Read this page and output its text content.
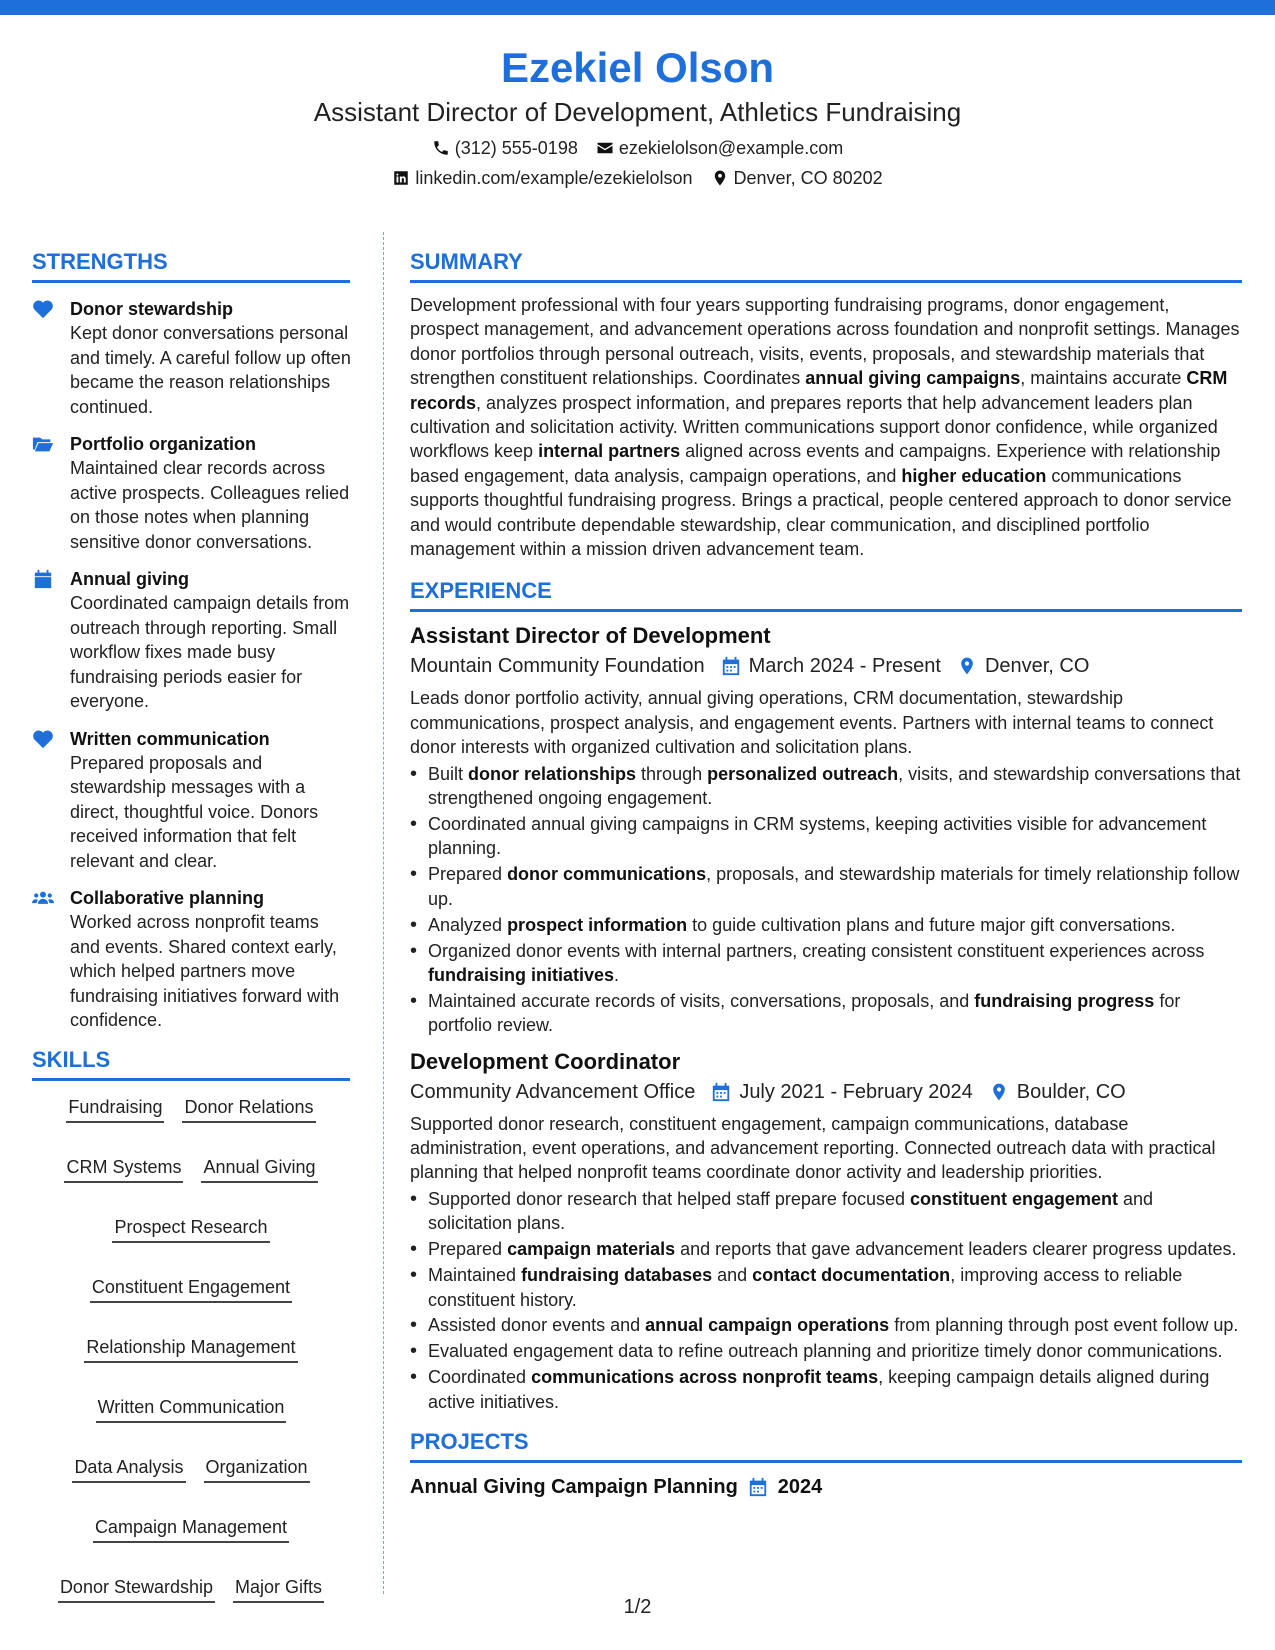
Ezekiel Olson
Assistant Director of Development, Athletics Fundraising
(312) 555-0198 ezekielolson@example.com
linkedin.com/example/ezekielolson Denver, CO 80202
STRENGTHS
Donor stewardship
Kept donor conversations personal and timely. A careful follow up often became the reason relationships continued.
Portfolio organization
Maintained clear records across active prospects. Colleagues relied on those notes when planning sensitive donor conversations.
Annual giving
Coordinated campaign details from outreach through reporting. Small workflow fixes made busy fundraising periods easier for everyone.
Written communication
Prepared proposals and stewardship messages with a direct, thoughtful voice. Donors received information that felt relevant and clear.
Collaborative planning
Worked across nonprofit teams and events. Shared context early, which helped partners move fundraising initiatives forward with confidence.
SKILLS
Fundraising Donor Relations
CRM Systems Annual Giving
Prospect Research
Constituent Engagement
Relationship Management
Written Communication
Data Analysis Organization
Campaign Management
Donor Stewardship Major Gifts
SUMMARY
Development professional with four years supporting fundraising programs, donor engagement, prospect management, and advancement operations across foundation and nonprofit settings. Manages donor portfolios through personal outreach, visits, events, proposals, and stewardship materials that strengthen constituent relationships. Coordinates annual giving campaigns, maintains accurate CRM records, analyzes prospect information, and prepares reports that help advancement leaders plan cultivation and solicitation activity. Written communications support donor confidence, while organized workflows keep internal partners aligned across events and campaigns. Experience with relationship based engagement, data analysis, campaign operations, and higher education communications supports thoughtful fundraising progress. Brings a practical, people centered approach to donor service and would contribute dependable stewardship, clear communication, and disciplined portfolio management within a mission driven advancement team.
EXPERIENCE
Assistant Director of Development
Mountain Community Foundation March 2024 - Present Denver, CO
Leads donor portfolio activity, annual giving operations, CRM documentation, stewardship communications, prospect analysis, and engagement events. Partners with internal teams to connect donor interests with organized cultivation and solicitation plans.
• Built donor relationships through personalized outreach, visits, and stewardship conversations that strengthened ongoing engagement.
• Coordinated annual giving campaigns in CRM systems, keeping activities visible for advancement planning.
• Prepared donor communications, proposals, and stewardship materials for timely relationship follow up.
• Analyzed prospect information to guide cultivation plans and future major gift conversations.
• Organized donor events with internal partners, creating consistent constituent experiences across fundraising initiatives.
• Maintained accurate records of visits, conversations, proposals, and fundraising progress for portfolio review.
Development Coordinator
Community Advancement Office July 2021 - February 2024 Boulder, CO
Supported donor research, constituent engagement, campaign communications, database administration, event operations, and advancement reporting. Connected outreach data with practical planning that helped nonprofit teams coordinate donor activity and leadership priorities.
• Supported donor research that helped staff prepare focused constituent engagement and solicitation plans.
• Prepared campaign materials and reports that gave advancement leaders clearer progress updates.
• Maintained fundraising databases and contact documentation, improving access to reliable constituent history.
• Assisted donor events and annual campaign operations from planning through post event follow up.
• Evaluated engagement data to refine outreach planning and prioritize timely donor communications.
• Coordinated communications across nonprofit teams, keeping campaign details aligned during active initiatives.
PROJECTS
Annual Giving Campaign Planning 2024
1/2
